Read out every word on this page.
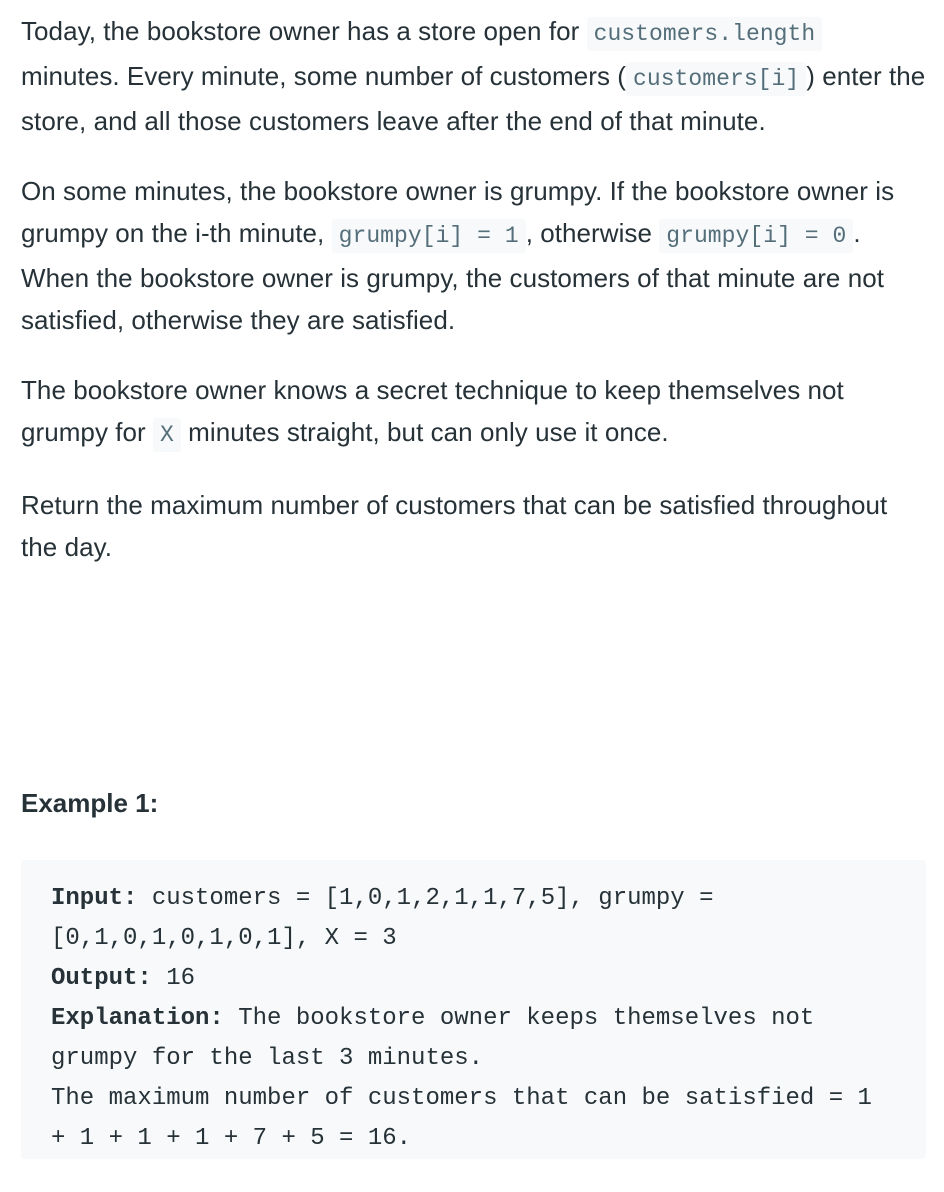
Today, the bookstore owner has a store open for customers.length minutes. Every minute, some number of customers ( customers[i] ) enter the store, and all those customers leave after the end of that minute.

On some minutes, the bookstore owner is grumpy. If the bookstore owner is grumpy on the i-th minute, grumpy[i] = 1 , otherwise grumpy[i] = 0 . When the bookstore owner is grumpy, the customers of that minute are not satisfied, otherwise they are satisfied.

The bookstore owner knows a secret technique to keep themselves not grumpy for X minutes straight, but can only use it once.

Return the maximum number of customers that can be satisfied throughout the day.

Example 1:
Input: customers = [1,0,1,2,1,1,7,5], grumpy = [0,1,0,1,0,1,0,1], X = 3
Output: 16
Explanation: The bookstore owner keeps themselves not grumpy for the last 3 minutes.
The maximum number of customers that can be satisfied = 1 + 1 + 1 + 1 + 7 + 5 = 16.
